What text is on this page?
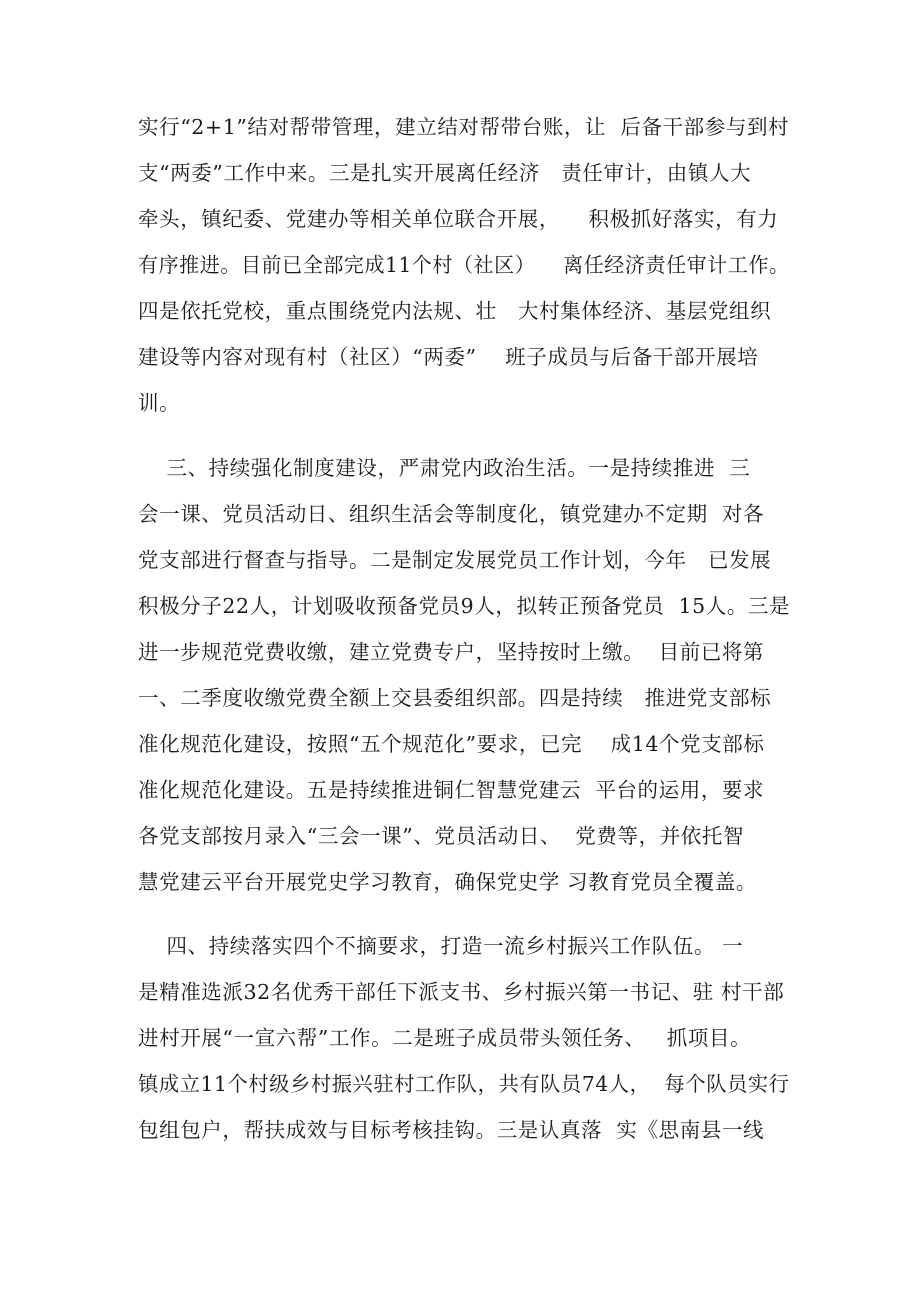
实行“2+1”结对帮带管理，建立结对帮带台账，让  后备干部参与到村
支“两委”工作中来。三是扎实开展离任经济   责任审计，由镇人大
牵头，镇纪委、党建办等相关单位联合开展，    积极抓好落实，有力
有序推进。目前已全部完成11个村（社区）    离任经济责任审计工作。
四是依托党校，重点围绕党内法规、壮   大村集体经济、基层党组织
建设等内容对现有村（社区）“两委”    班子成员与后备干部开展培
训。
三、持续强化制度建设，严肃党内政治生活。一是持续推进  三
会一课、党员活动日、组织生活会等制度化，镇党建办不定期  对各
党支部进行督查与指导。二是制定发展党员工作计划，今年   已发展
积极分子22人，计划吸收预备党员9人，拟转正预备党员  15人。三是
进一步规范党费收缴，建立党费专户，坚持按时上缴。  目前已将第
一、二季度收缴党费全额上交县委组织部。四是持续   推进党支部标
准化规范化建设，按照“五个规范化”要求，已完    成14个党支部标
准化规范化建设。五是持续推进铜仁智慧党建云  平台的运用，要求
各党支部按月录入“三会一课”、党员活动日、  党费等，并依托智
慧党建云平台开展党史学习教育，确保党史学 习教育党员全覆盖。
四、持续落实四个不摘要求，打造一流乡村振兴工作队伍。 一
是精准选派32名优秀干部任下派支书、乡村振兴第一书记、驻 村干部
进村开展“一宣六帮”工作。二是班子成员带头领任务、   抓项目。
镇成立11个村级乡村振兴驻村工作队，共有队员74人，  每个队员实行
包组包户，帮扶成效与目标考核挂钩。三是认真落  实《思南县一线
